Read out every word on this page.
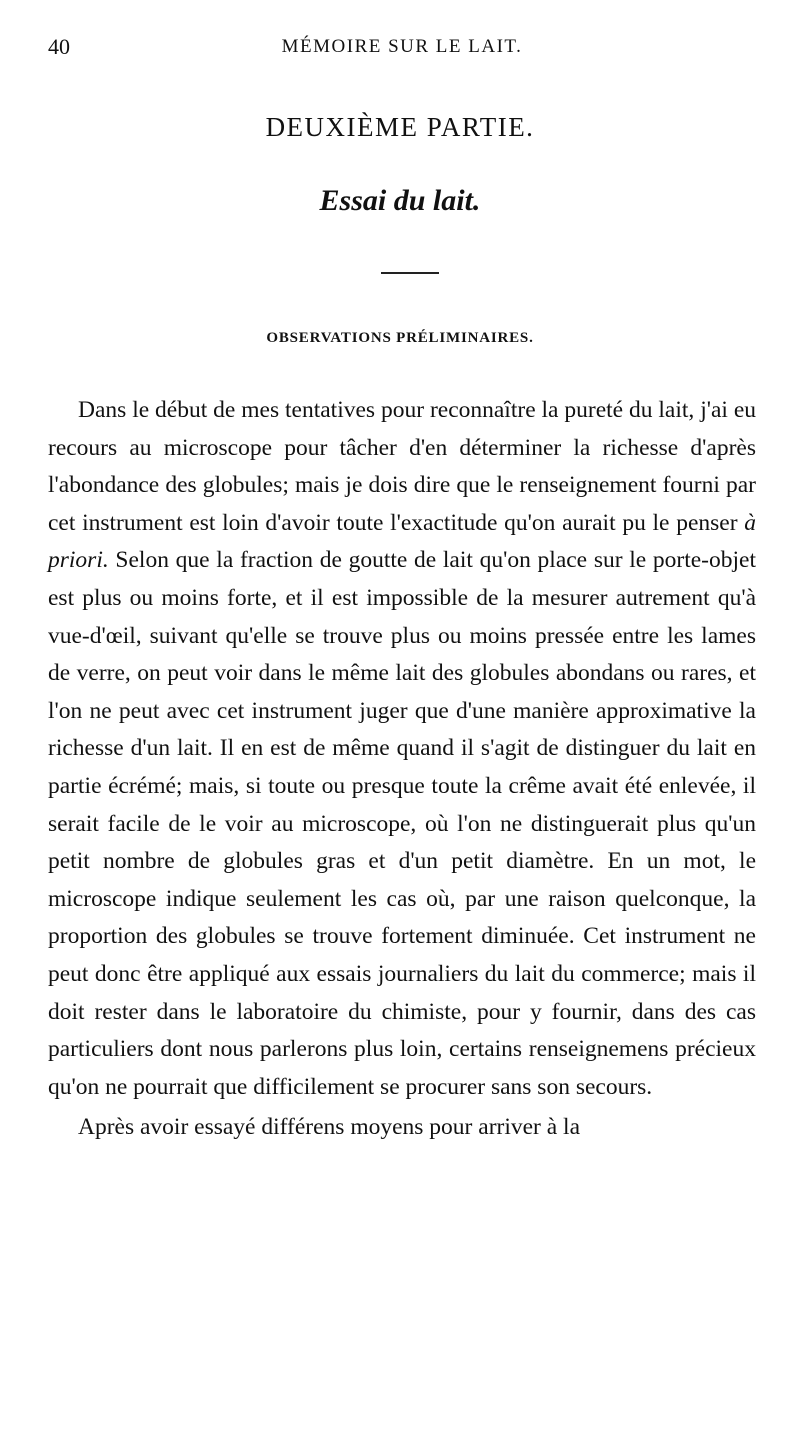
40	MÉMOIRE SUR LE LAIT.
DEUXIÈME PARTIE.
Essai du lait.
OBSERVATIONS PRÉLIMINAIRES.

Dans le début de mes tentatives pour reconnaître la pureté du lait, j'ai eu recours au microscope pour tâcher d'en déterminer la richesse d'après l'abondance des globules; mais je dois dire que le renseignement fourni par cet instrument est loin d'avoir toute l'exactitude qu'on aurait pu le penser à priori. Selon que la fraction de goutte de lait qu'on place sur le porte-objet est plus ou moins forte, et il est impossible de la mesurer autrement qu'à vue-d'œil, suivant qu'elle se trouve plus ou moins pressée entre les lames de verre, on peut voir dans le même lait des globules abondans ou rares, et l'on ne peut avec cet instrument juger que d'une manière approximative la richesse d'un lait. Il en est de même quand il s'agit de distinguer du lait en partie écrémé; mais, si toute ou presque toute la crême avait été enlevée, il serait facile de le voir au microscope, où l'on ne distinguerait plus qu'un petit nombre de globules gras et d'un petit diamètre. En un mot, le microscope indique seulement les cas où, par une raison quelconque, la proportion des globules se trouve fortement diminuée. Cet instrument ne peut donc être appliqué aux essais journaliers du lait du commerce; mais il doit rester dans le laboratoire du chimiste, pour y fournir, dans des cas particuliers dont nous parlerons plus loin, certains renseignemens précieux qu'on ne pourrait que difficilement se procurer sans son secours.

Après avoir essayé différens moyens pour arriver à la
